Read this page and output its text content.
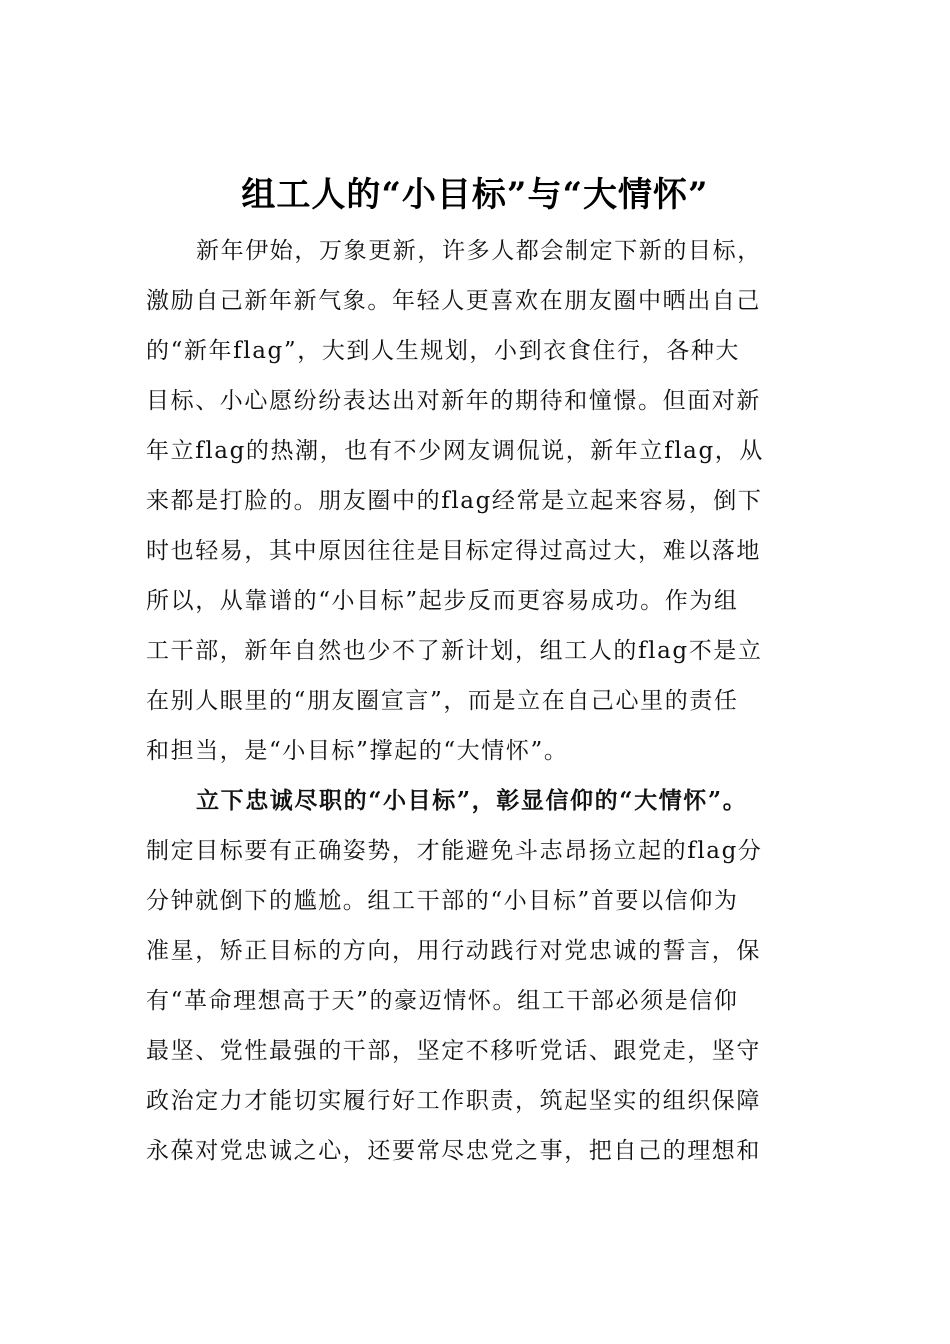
组工人的“小目标”与“大情怀”
新年伊始，万象更新，许多人都会制定下新的目标，
激励自己新年新气象。年轻人更喜欢在朋友圈中晒出自己
的“新年flag”，大到人生规划，小到衣食住行，各种大
目标、小心愿纷纷表达出对新年的期待和憧憬。但面对新
年立flag的热潮，也有不少网友调侃说，新年立flag，从
来都是打脸的。朋友圈中的flag经常是立起来容易，倒下
时也轻易，其中原因往往是目标定得过高过大，难以落地
所以，从靠谱的“小目标”起步反而更容易成功。作为组
工干部，新年自然也少不了新计划，组工人的flag不是立
在别人眼里的“朋友圈宣言”，而是立在自己心里的责任
和担当，是“小目标”撑起的“大情怀”。
立下忠诚尽职的“小目标”，彰显信仰的“大情怀”。
制定目标要有正确姿势，才能避免斗志昂扬立起的flag分
分钟就倒下的尴尬。组工干部的“小目标”首要以信仰为
准星，矫正目标的方向，用行动践行对党忠诚的誓言，保
有“革命理想高于天”的豪迈情怀。组工干部必须是信仰
最坚、党性最强的干部，坚定不移听党话、跟党走，坚守
政治定力才能切实履行好工作职责，筑起坚实的组织保障
永葆对党忠诚之心，还要常尽忠党之事，把自己的理想和
